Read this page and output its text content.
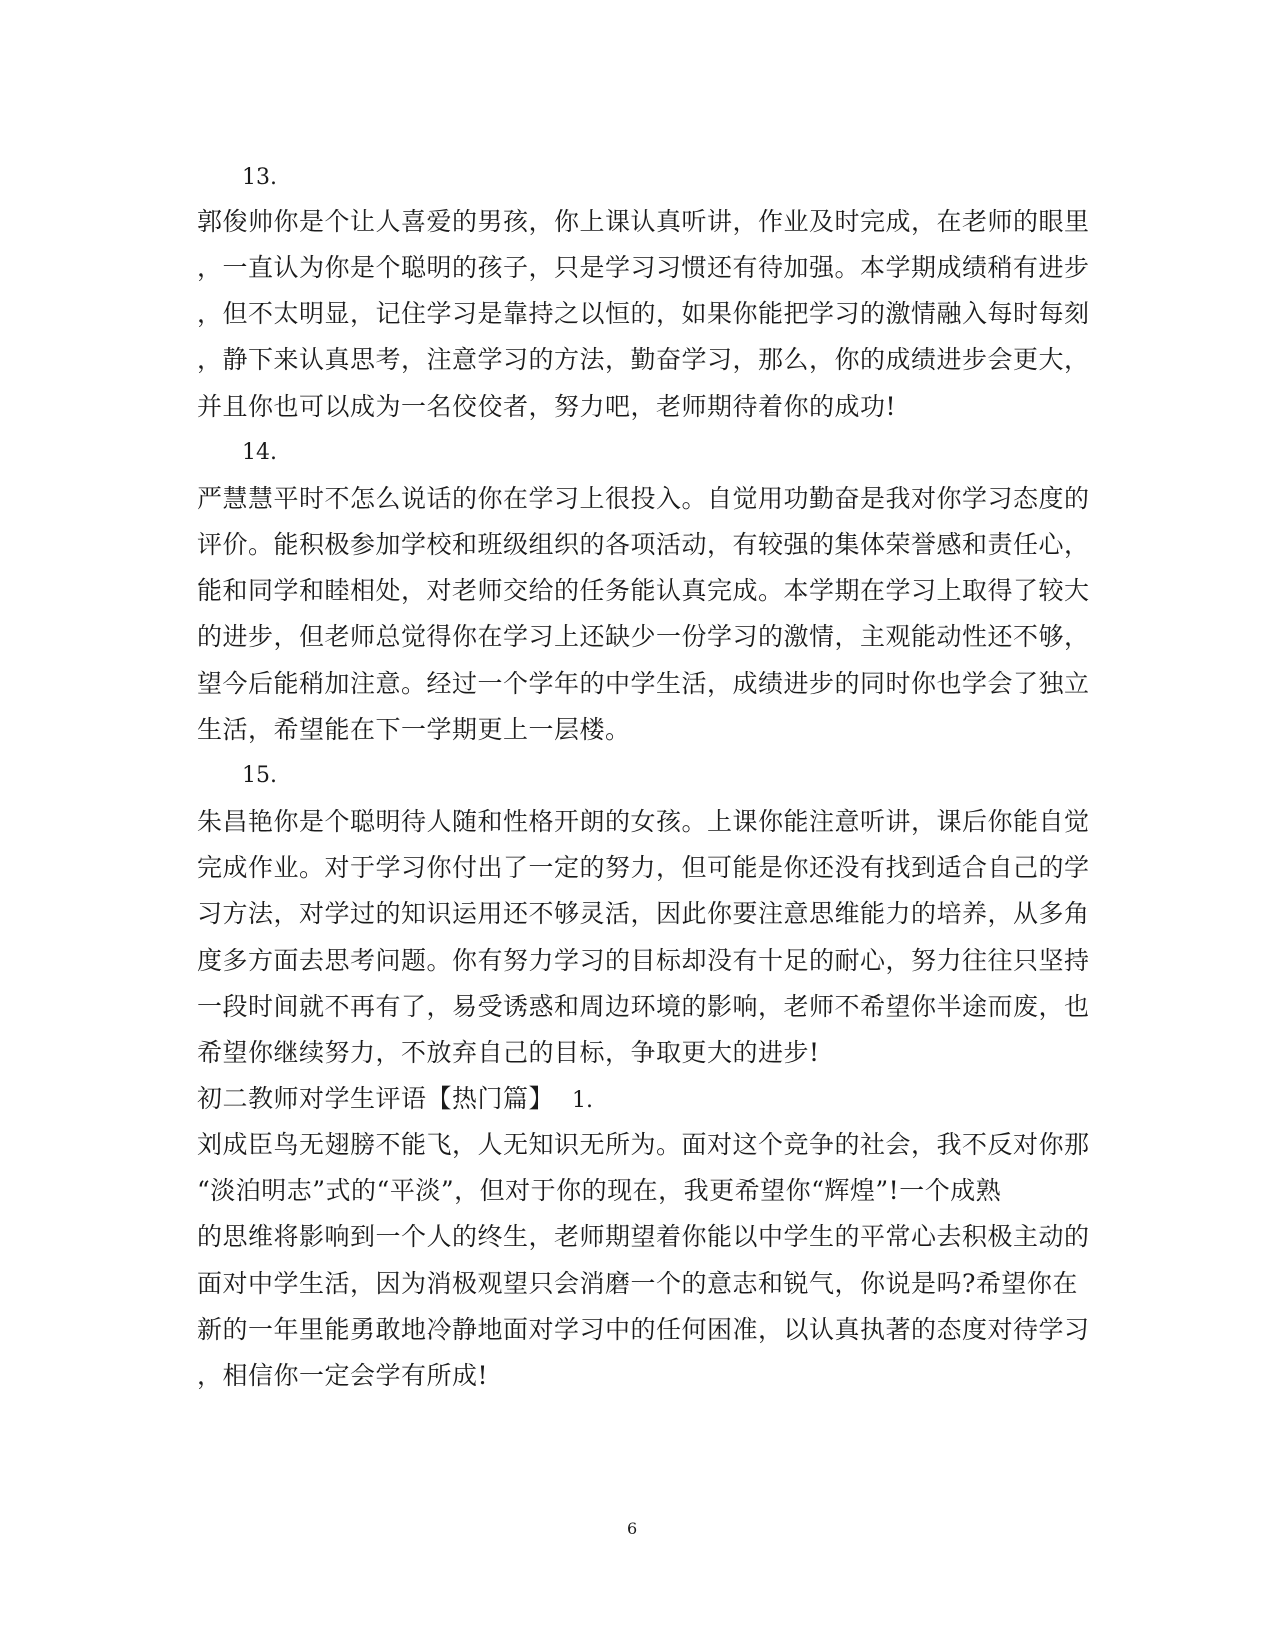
13.
郭俊帅你是个让人喜爱的男孩，你上课认真听讲，作业及时完成，在老师的眼里
，一直认为你是个聪明的孩子，只是学习习惯还有待加强。本学期成绩稍有进步
，但不太明显，记住学习是靠持之以恒的，如果你能把学习的激情融入每时每刻
，静下来认真思考，注意学习的方法，勤奋学习，那么，你的成绩进步会更大，
并且你也可以成为一名佼佼者，努力吧，老师期待着你的成功!
14.
严慧慧平时不怎么说话的你在学习上很投入。自觉用功勤奋是我对你学习态度的
评价。能积极参加学校和班级组织的各项活动，有较强的集体荣誉感和责任心，
能和同学和睦相处，对老师交给的任务能认真完成。本学期在学习上取得了较大
的进步，但老师总觉得你在学习上还缺少一份学习的激情，主观能动性还不够，
望今后能稍加注意。经过一个学年的中学生活，成绩进步的同时你也学会了独立
生活，希望能在下一学期更上一层楼。
15.
朱昌艳你是个聪明待人随和性格开朗的女孩。上课你能注意听讲，课后你能自觉
完成作业。对于学习你付出了一定的努力，但可能是你还没有找到适合自己的学
习方法，对学过的知识运用还不够灵活，因此你要注意思维能力的培养，从多角
度多方面去思考问题。你有努力学习的目标却没有十足的耐心，努力往往只坚持
一段时间就不再有了，易受诱惑和周边环境的影响，老师不希望你半途而废，也
希望你继续努力，不放弃自己的目标，争取更大的进步!
初二教师对学生评语【热门篇】 1.
刘成臣鸟无翅膀不能飞，人无知识无所为。面对这个竞争的社会，我不反对你那
“淡泊明志”式的“平淡”，但对于你的现在，我更希望你“辉煌”!一个成熟
的思维将影响到一个人的终生，老师期望着你能以中学生的平常心去积极主动的
面对中学生活，因为消极观望只会消磨一个的意志和锐气，你说是吗?希望你在
新的一年里能勇敢地冷静地面对学习中的任何困准，以认真执著的态度对待学习
，相信你一定会学有所成!
6
